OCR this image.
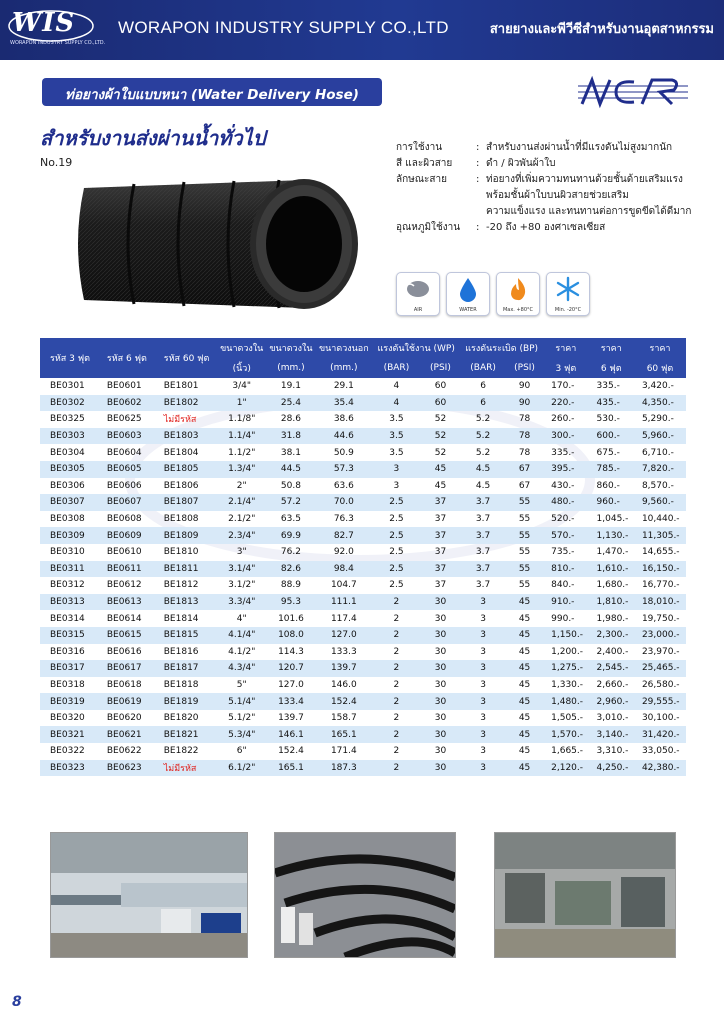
WIS
WORAPON INDUSTRY SUPPLY CO.,LTD.
WORAPON INDUSTRY SUPPLY CO.,LTD	สายยางและพีวีซีสำหรับงานอุตสาหกรรม
ท่อยางผ้าใบแบบหนา (Water Delivery Hose)
NCR
สำหรับงานส่งผ่านน้ำทั่วไป
No.19
การใช้งาน	: สำหรับงานส่งผ่านน้ำที่มีแรงดันไม่สูงมากนัก
สี และผิวสาย : ดำ / ผิวพันผ้าใบ
ลักษณะสาย	: ท่อยางที่เพิ่มความทนทานด้วยชั้นด้ายเสริมแรง
พร้อมชั้นผ้าใบบนผิวสายช่วยเสริม
ความแข็งแรง และทนทานต่อการขูดขีดได้ดีมาก
อุณหภูมิใช้งาน : -20 ถึง +80 องศาเซลเซียส
AIR	WATER	Max. +80°C	Min. -20°C
รหัส 3 ฟุต	รหัส 6 ฟุต	รหัส 60 ฟุต	ขนาดวงใน	ขนาดวงใน	ขนาดวงนอก	แรงดันใช้งาน (WP)		แรงดันระเบิด (BP)		ราคา	ราคา	ราคา
			(นิ้ว)	(mm.)	(mm.)	(BAR)	(PSI)	(BAR)	(PSI)	3 ฟุต	6 ฟุต	60 ฟุต
BE0301	BE0601	BE1801	3/4"	19.1	29.1	4	60	6	90	170.-	335.-	3,420.-
BE0302	BE0602	BE1802	1"	25.4	35.4	4	60	6	90	220.-	435.-	4,350.-
BE0325	BE0625	ไม่มีรหัส	1.1/8"	28.6	38.6	3.5	52	5.2	78	260.-	530.-	5,290.-
BE0303	BE0603	BE1803	1.1/4"	31.8	44.6	3.5	52	5.2	78	300.-	600.-	5,960.-
BE0304	BE0604	BE1804	1.1/2"	38.1	50.9	3.5	52	5.2	78	335.-	675.-	6,710.-
BE0305	BE0605	BE1805	1.3/4"	44.5	57.3	3	45	4.5	67	395.-	785.-	7,820.-
BE0306	BE0606	BE1806	2"	50.8	63.6	3	45	4.5	67	430.-	860.-	8,570.-
BE0307	BE0607	BE1807	2.1/4"	57.2	70.0	2.5	37	3.7	55	480.-	960.-	9,560.-
BE0308	BE0608	BE1808	2.1/2"	63.5	76.3	2.5	37	3.7	55	520.-	1,045.-	10,440.-
BE0309	BE0609	BE1809	2.3/4"	69.9	82.7	2.5	37	3.7	55	570.-	1,130.-	11,305.-
BE0310	BE0610	BE1810	3"	76.2	92.0	2.5	37	3.7	55	735.-	1,470.-	14,655.-
BE0311	BE0611	BE1811	3.1/4"	82.6	98.4	2.5	37	3.7	55	810.-	1,610.-	16,150.-
BE0312	BE0612	BE1812	3.1/2"	88.9	104.7	2.5	37	3.7	55	840.-	1,680.-	16,770.-
BE0313	BE0613	BE1813	3.3/4"	95.3	111.1	2	30	3	45	910.-	1,810.-	18,010.-
BE0314	BE0614	BE1814	4"	101.6	117.4	2	30	3	45	990.-	1,980.-	19,750.-
BE0315	BE0615	BE1815	4.1/4"	108.0	127.0	2	30	3	45	1,150.-	2,300.-	23,000.-
BE0316	BE0616	BE1816	4.1/2"	114.3	133.3	2	30	3	45	1,200.-	2,400.-	23,970.-
BE0317	BE0617	BE1817	4.3/4"	120.7	139.7	2	30	3	45	1,275.-	2,545.-	25,465.-
BE0318	BE0618	BE1818	5"	127.0	146.0	2	30	3	45	1,330.-	2,660.-	26,580.-
BE0319	BE0619	BE1819	5.1/4"	133.4	152.4	2	30	3	45	1,480.-	2,960.-	29,555.-
BE0320	BE0620	BE1820	5.1/2"	139.7	158.7	2	30	3	45	1,505.-	3,010.-	30,100.-
BE0321	BE0621	BE1821	5.3/4"	146.1	165.1	2	30	3	45	1,570.-	3,140.-	31,420.-
BE0322	BE0622	BE1822	6"	152.4	171.4	2	30	3	45	1,665.-	3,310.-	33,050.-
BE0323	BE0623	ไม่มีรหัส	6.1/2"	165.1	187.3	2	30	3	45	2,120.-	4,250.-	42,380.-
8
